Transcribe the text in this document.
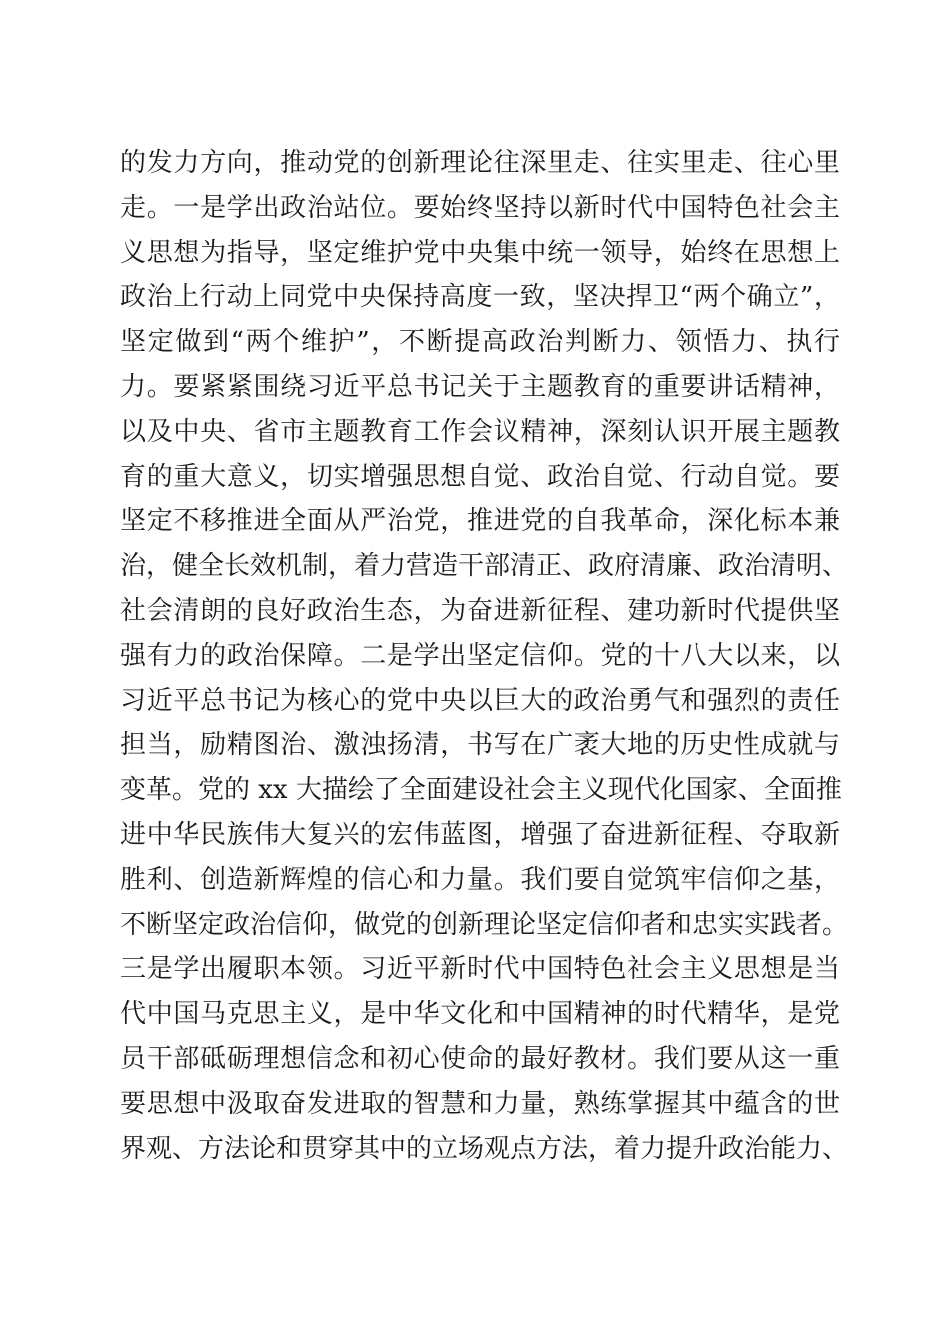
的发力方向，推动党的创新理论往深里走、往实里走、往心里
走。一是学出政治站位。要始终坚持以新时代中国特色社会主
义思想为指导，坚定维护党中央集中统一领导，始终在思想上
政治上行动上同党中央保持高度一致，坚决捍卫“两个确立”，
坚定做到“两个维护”，不断提高政治判断力、领悟力、执行
力。要紧紧围绕习近平总书记关于主题教育的重要讲话精神，
以及中央、省市主题教育工作会议精神，深刻认识开展主题教
育的重大意义，切实增强思想自觉、政治自觉、行动自觉。要
坚定不移推进全面从严治党，推进党的自我革命，深化标本兼
治，健全长效机制，着力营造干部清正、政府清廉、政治清明、
社会清朗的良好政治生态，为奋进新征程、建功新时代提供坚
强有力的政治保障。二是学出坚定信仰。党的十八大以来，以
习近平总书记为核心的党中央以巨大的政治勇气和强烈的责任
担当，励精图治、激浊扬清，书写在广袤大地的历史性成就与
变革。党的 xx 大描绘了全面建设社会主义现代化国家、全面推
进中华民族伟大复兴的宏伟蓝图，增强了奋进新征程、夺取新
胜利、创造新辉煌的信心和力量。我们要自觉筑牢信仰之基，
不断坚定政治信仰，做党的创新理论坚定信仰者和忠实实践者。
三是学出履职本领。习近平新时代中国特色社会主义思想是当
代中国马克思主义，是中华文化和中国精神的时代精华，是党
员干部砥砺理想信念和初心使命的最好教材。我们要从这一重
要思想中汲取奋发进取的智慧和力量，熟练掌握其中蕴含的世
界观、方法论和贯穿其中的立场观点方法，着力提升政治能力、
